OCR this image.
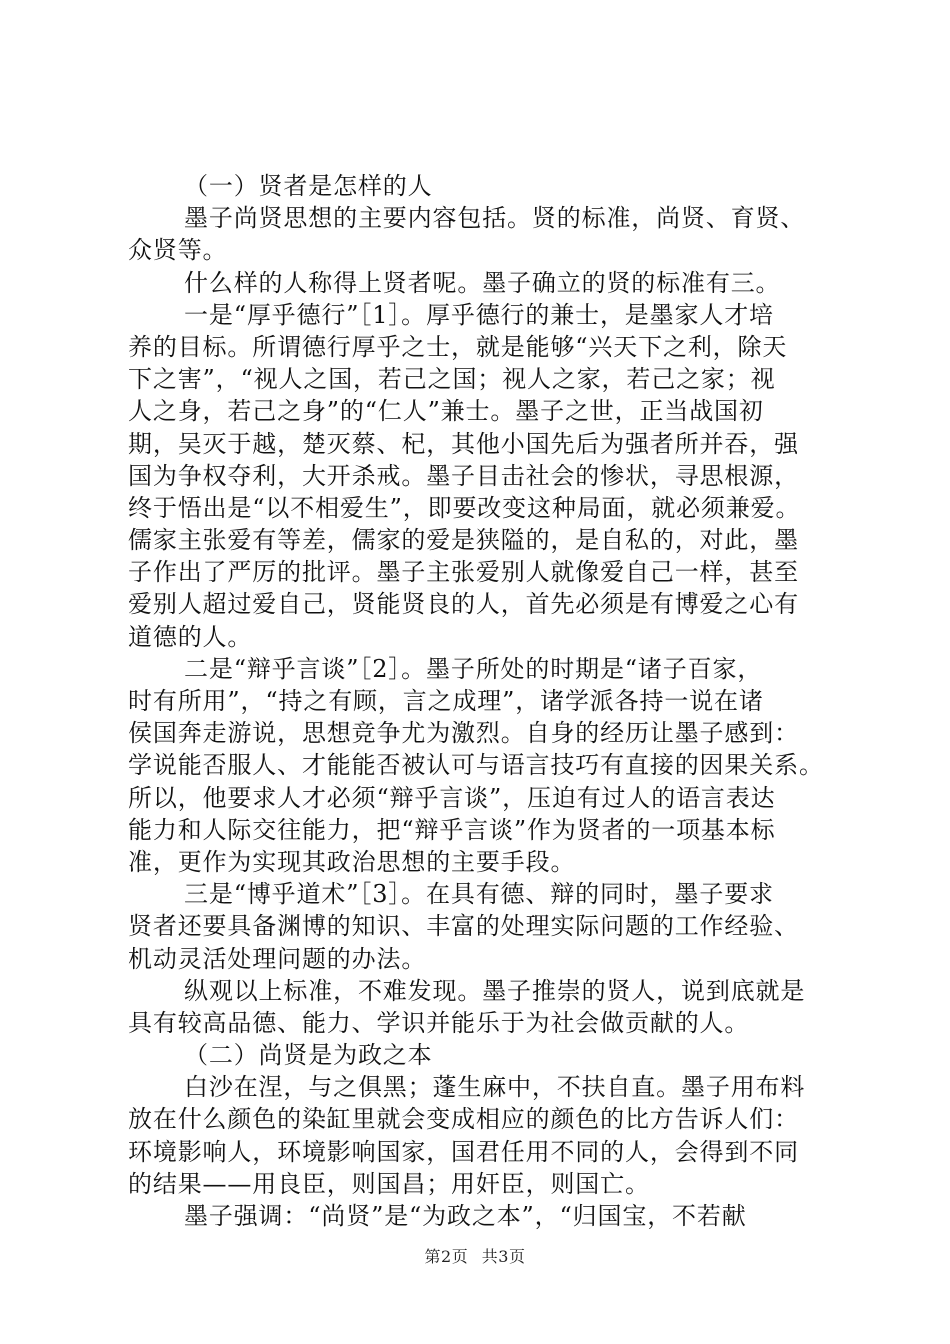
（一）贤者是怎样的人
墨子尚贤思想的主要内容包括。贤的标准，尚贤、育贤、
众贤等。
什么样的人称得上贤者呢。墨子确立的贤的标准有三。
一是“厚乎德行”［1］。厚乎德行的兼士，是墨家人才培
养的目标。所谓德行厚乎之士，就是能够“兴天下之利，除天
下之害”，“视人之国，若己之国；视人之家，若己之家；视
人之身，若己之身”的“仁人”兼士。墨子之世，正当战国初
期，吴灭于越，楚灭蔡、杞，其他小国先后为强者所并吞，强
国为争权夺利，大开杀戒。墨子目击社会的惨状，寻思根源，
终于悟出是“以不相爱生”，即要改变这种局面，就必须兼爱。
儒家主张爱有等差，儒家的爱是狭隘的，是自私的，对此，墨
子作出了严厉的批评。墨子主张爱别人就像爱自己一样，甚至
爱别人超过爱自己，贤能贤良的人，首先必须是有博爱之心有
道德的人。
二是“辩乎言谈”［2］。墨子所处的时期是“诸子百家，
时有所用”，“持之有顾，言之成理”，诸学派各持一说在诸
侯国奔走游说，思想竞争尤为激烈。自身的经历让墨子感到：
学说能否服人、才能能否被认可与语言技巧有直接的因果关系。
所以，他要求人才必须“辩乎言谈”，压迫有过人的语言表达
能力和人际交往能力，把“辩乎言谈”作为贤者的一项基本标
准，更作为实现其政治思想的主要手段。
三是“博乎道术”［3］。在具有德、辩的同时，墨子要求
贤者还要具备渊博的知识、丰富的处理实际问题的工作经验、
机动灵活处理问题的办法。
纵观以上标准，不难发现。墨子推崇的贤人，说到底就是
具有较高品德、能力、学识并能乐于为社会做贡献的人。
（二）尚贤是为政之本
白沙在涅，与之俱黑；蓬生麻中，不扶自直。墨子用布料
放在什么颜色的染缸里就会变成相应的颜色的比方告诉人们：
环境影响人，环境影响国家，国君任用不同的人，会得到不同
的结果——用良臣，则国昌；用奸臣，则国亡。
墨子强调：“尚贤”是“为政之本”，“归国宝，不若献
第2页 共3页
